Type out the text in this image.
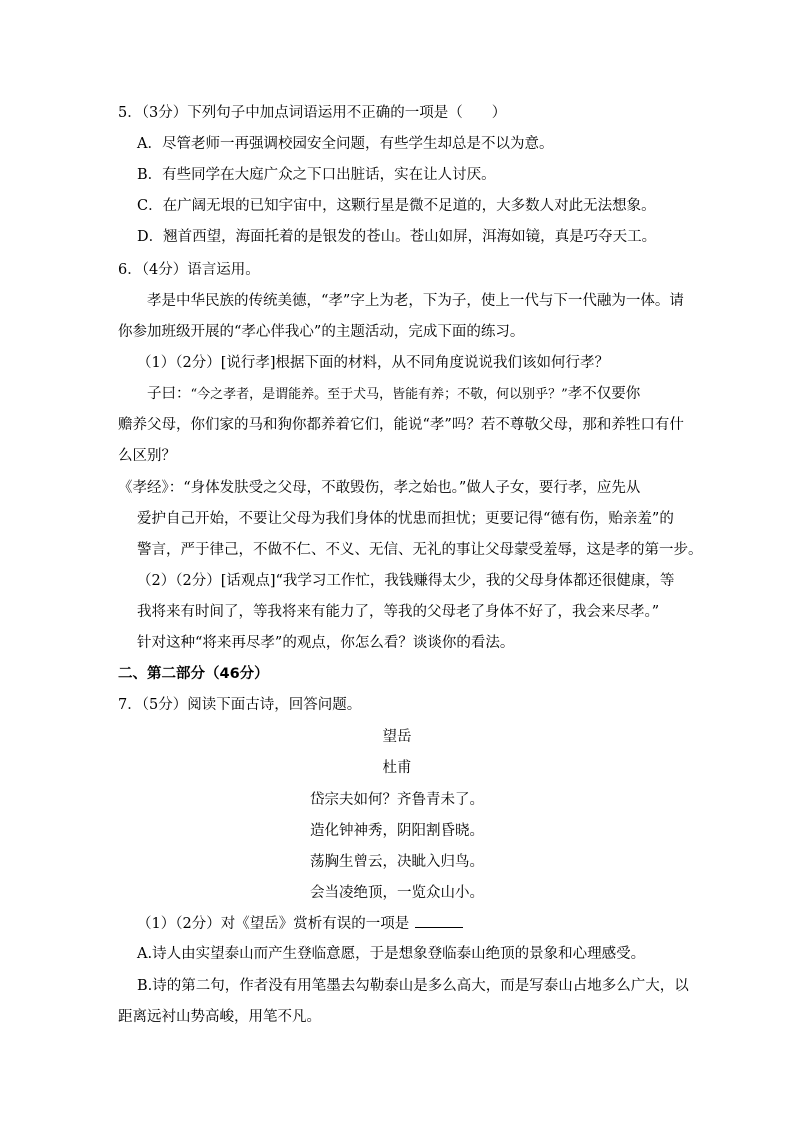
5．（3分）下列句子中加点词语运用不正确的一项是（　　）
A．尽管老师一再强调校园安全问题，有些学生却总是不以为意。
B．有些同学在大庭广众之下口出脏话，实在让人讨厌。
C．在广阔无垠的已知宇宙中，这颗行星是微不足道的，大多数人对此无法想象。
D．翘首西望，海面托着的是银发的苍山。苍山如屏，洱海如镜，真是巧夺天工。
6．（4分）语言运用。
孝是中华民族的传统美德，“孝”字上为老，下为子，使上一代与下一代融为一体。请
你参加班级开展的“孝心伴我心”的主题活动，完成下面的练习。
（1）（2分）[说行孝]根据下面的材料，从不同角度说说我们该如何行孝？
子曰：“今之孝者，是谓能养。至于犬马，皆能有养；不敬，何以别乎？”孝不仅要你
赡养父母，你们家的马和狗你都养着它们，能说“孝”吗？若不尊敬父母，那和养牲口有什
么区别？
《孝经》：“身体发肤受之父母，不敢毁伤，孝之始也。”做人子女，要行孝，应先从
爱护自己开始，不要让父母为我们身体的忧患而担忧；更要记得“德有伤，贻亲羞”的
警言，严于律己，不做不仁、不义、无信、无礼的事让父母蒙受羞辱，这是孝的第一步。
（2）（2分）[话观点]“我学习工作忙，我钱赚得太少，我的父母身体都还很健康，等
我将来有时间了，等我将来有能力了，等我的父母老了身体不好了，我会来尽孝。”
针对这种“将来再尽孝”的观点，你怎么看？谈谈你的看法。
二、第二部分（46分）
7．（5分）阅读下面古诗，回答问题。
望岳
杜甫
岱宗夫如何？齐鲁青未了。
造化钟神秀，阴阳割昏晓。
荡胸生曾云，决眦入归鸟。
会当凌绝顶，一览众山小。
（1）（2分）对《望岳》赏析有误的一项是
A.诗人由实望泰山而产生登临意愿，于是想象登临泰山绝顶的景象和心理感受。
B.诗的第二句，作者没有用笔墨去勾勒泰山是多么高大，而是写泰山占地多么广大，以
距离远衬山势高峻，用笔不凡。
